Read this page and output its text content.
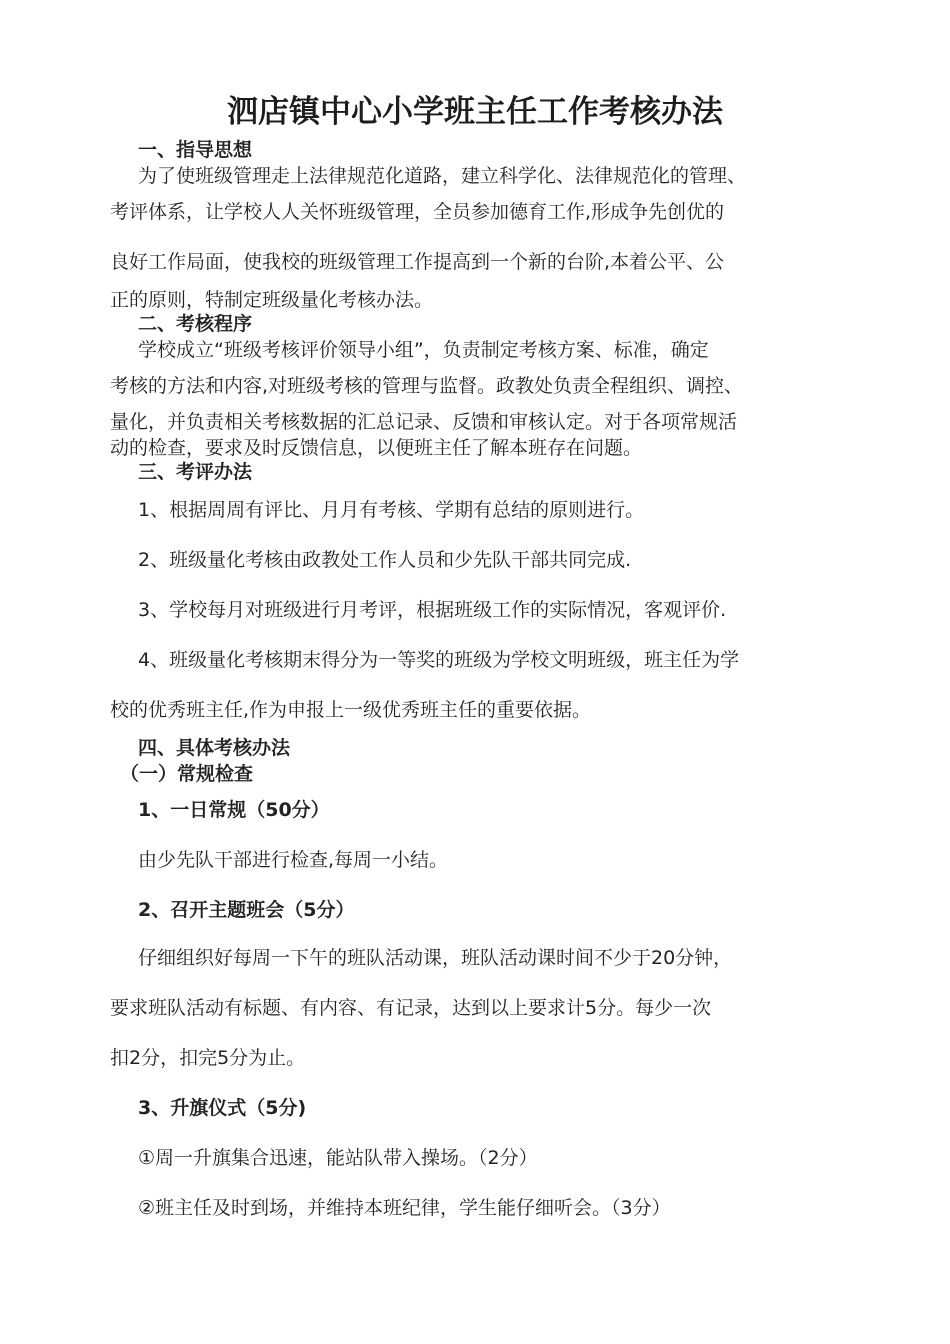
泗店镇中心小学班主任工作考核办法
一、指导思想
为了使班级管理走上法律规范化道路，建立科学化、法律规范化的管理、
考评体系，让学校人人关怀班级管理，全员参加德育工作,形成争先创优的
良好工作局面，使我校的班级管理工作提高到一个新的台阶,本着公平、公
正的原则，特制定班级量化考核办法。
二、考核程序
学校成立“班级考核评价领导小组”，负责制定考核方案、标准，确定
考核的方法和内容,对班级考核的管理与监督。政教处负责全程组织、调控、
量化，并负责相关考核数据的汇总记录、反馈和审核认定。对于各项常规活
动的检查，要求及时反馈信息，以便班主任了解本班存在问题。
三、考评办法
1、根据周周有评比、月月有考核、学期有总结的原则进行。
2、班级量化考核由政教处工作人员和少先队干部共同完成.
3、学校每月对班级进行月考评，根据班级工作的实际情况，客观评价.
4、班级量化考核期末得分为一等奖的班级为学校文明班级，班主任为学
校的优秀班主任,作为申报上一级优秀班主任的重要依据。
四、具体考核办法
（一）常规检查
1、一日常规（50分）
由少先队干部进行检查,每周一小结。
2、召开主题班会（5分）
仔细组织好每周一下午的班队活动课，班队活动课时间不少于20分钟，
要求班队活动有标题、有内容、有记录，达到以上要求计5分。每少一次
扣2分，扣完5分为止。
3、升旗仪式（5分)
①周一升旗集合迅速，能站队带入操场。（2分）
②班主任及时到场，并维持本班纪律，学生能仔细听会。（3分）
